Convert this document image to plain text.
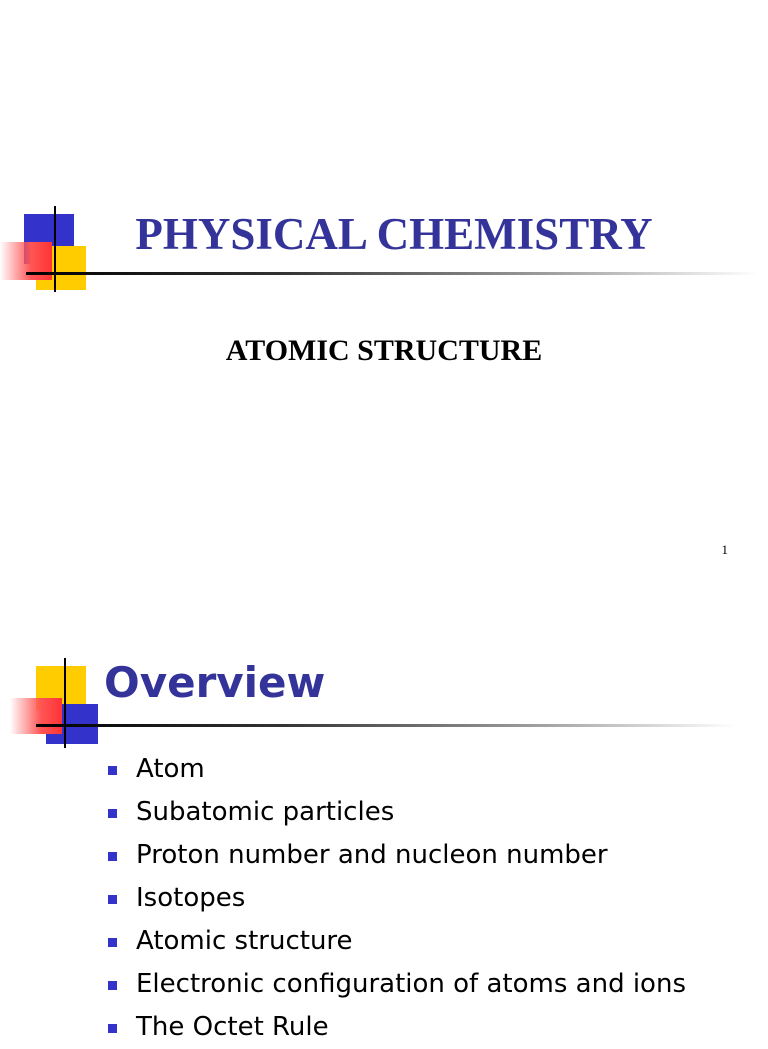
PHYSICAL CHEMISTRY
ATOMIC STRUCTURE
1
Overview
Atom
Subatomic particles
Proton number and nucleon number
Isotopes
Atomic structure
Electronic configuration of atoms and ions
The Octet Rule
